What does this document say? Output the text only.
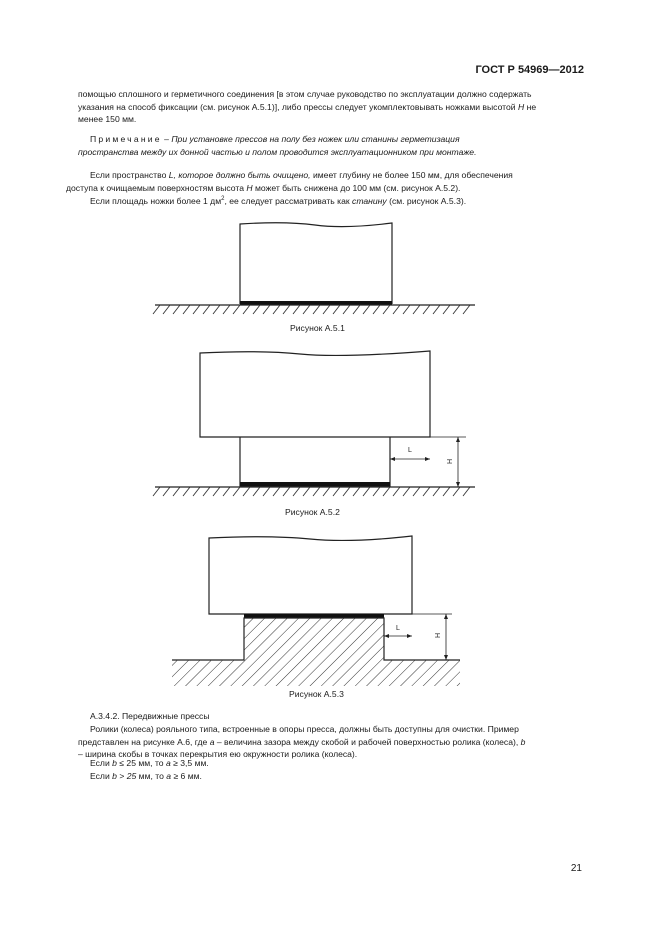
ГОСТ Р 54969—2012

помощью сплошного и герметичного соединения [в этом случае руководство по эксплуатации должно содержать
указания на способ фиксации (см. рисунок А.5.1)], либо прессы следует укомплектовывать ножками высотой H не
менее 150 мм.

Примечание – При установке прессов на полу без ножек или станины герметизация
пространства между их донной частью и полом проводится эксплуатационником при монтаже.

Если пространство L, которое должно быть очищено, имеет глубину не более 150 мм, для обеспечения
доступа к очищаемым поверхностям высота H может быть снижена до 100 мм (см. рисунок А.5.2).

Если площадь ножки более 1 $дм^2$, ее следует рассматривать как станину (см. рисунок А.5.3).

Рисунок А.5.1
Рисунок А.5.2
Рисунок А.5.3
L
H
L
H

А.3.4.2. Передвижные прессы

Ролики (колеса) рояльного типа, встроенные в опоры пресса, должны быть доступны для очистки. Пример
представлен на рисунке А.6, где a – величина зазора между скобой и рабочей поверхностью ролика (колеса), b
– ширина скобы в точках перекрытия ею окружности ролика (колеса).

Если b ≤ 25 мм, то a ≥ 3,5 мм.

Если b > 25 мм, то a ≥ 6 мм.

21
